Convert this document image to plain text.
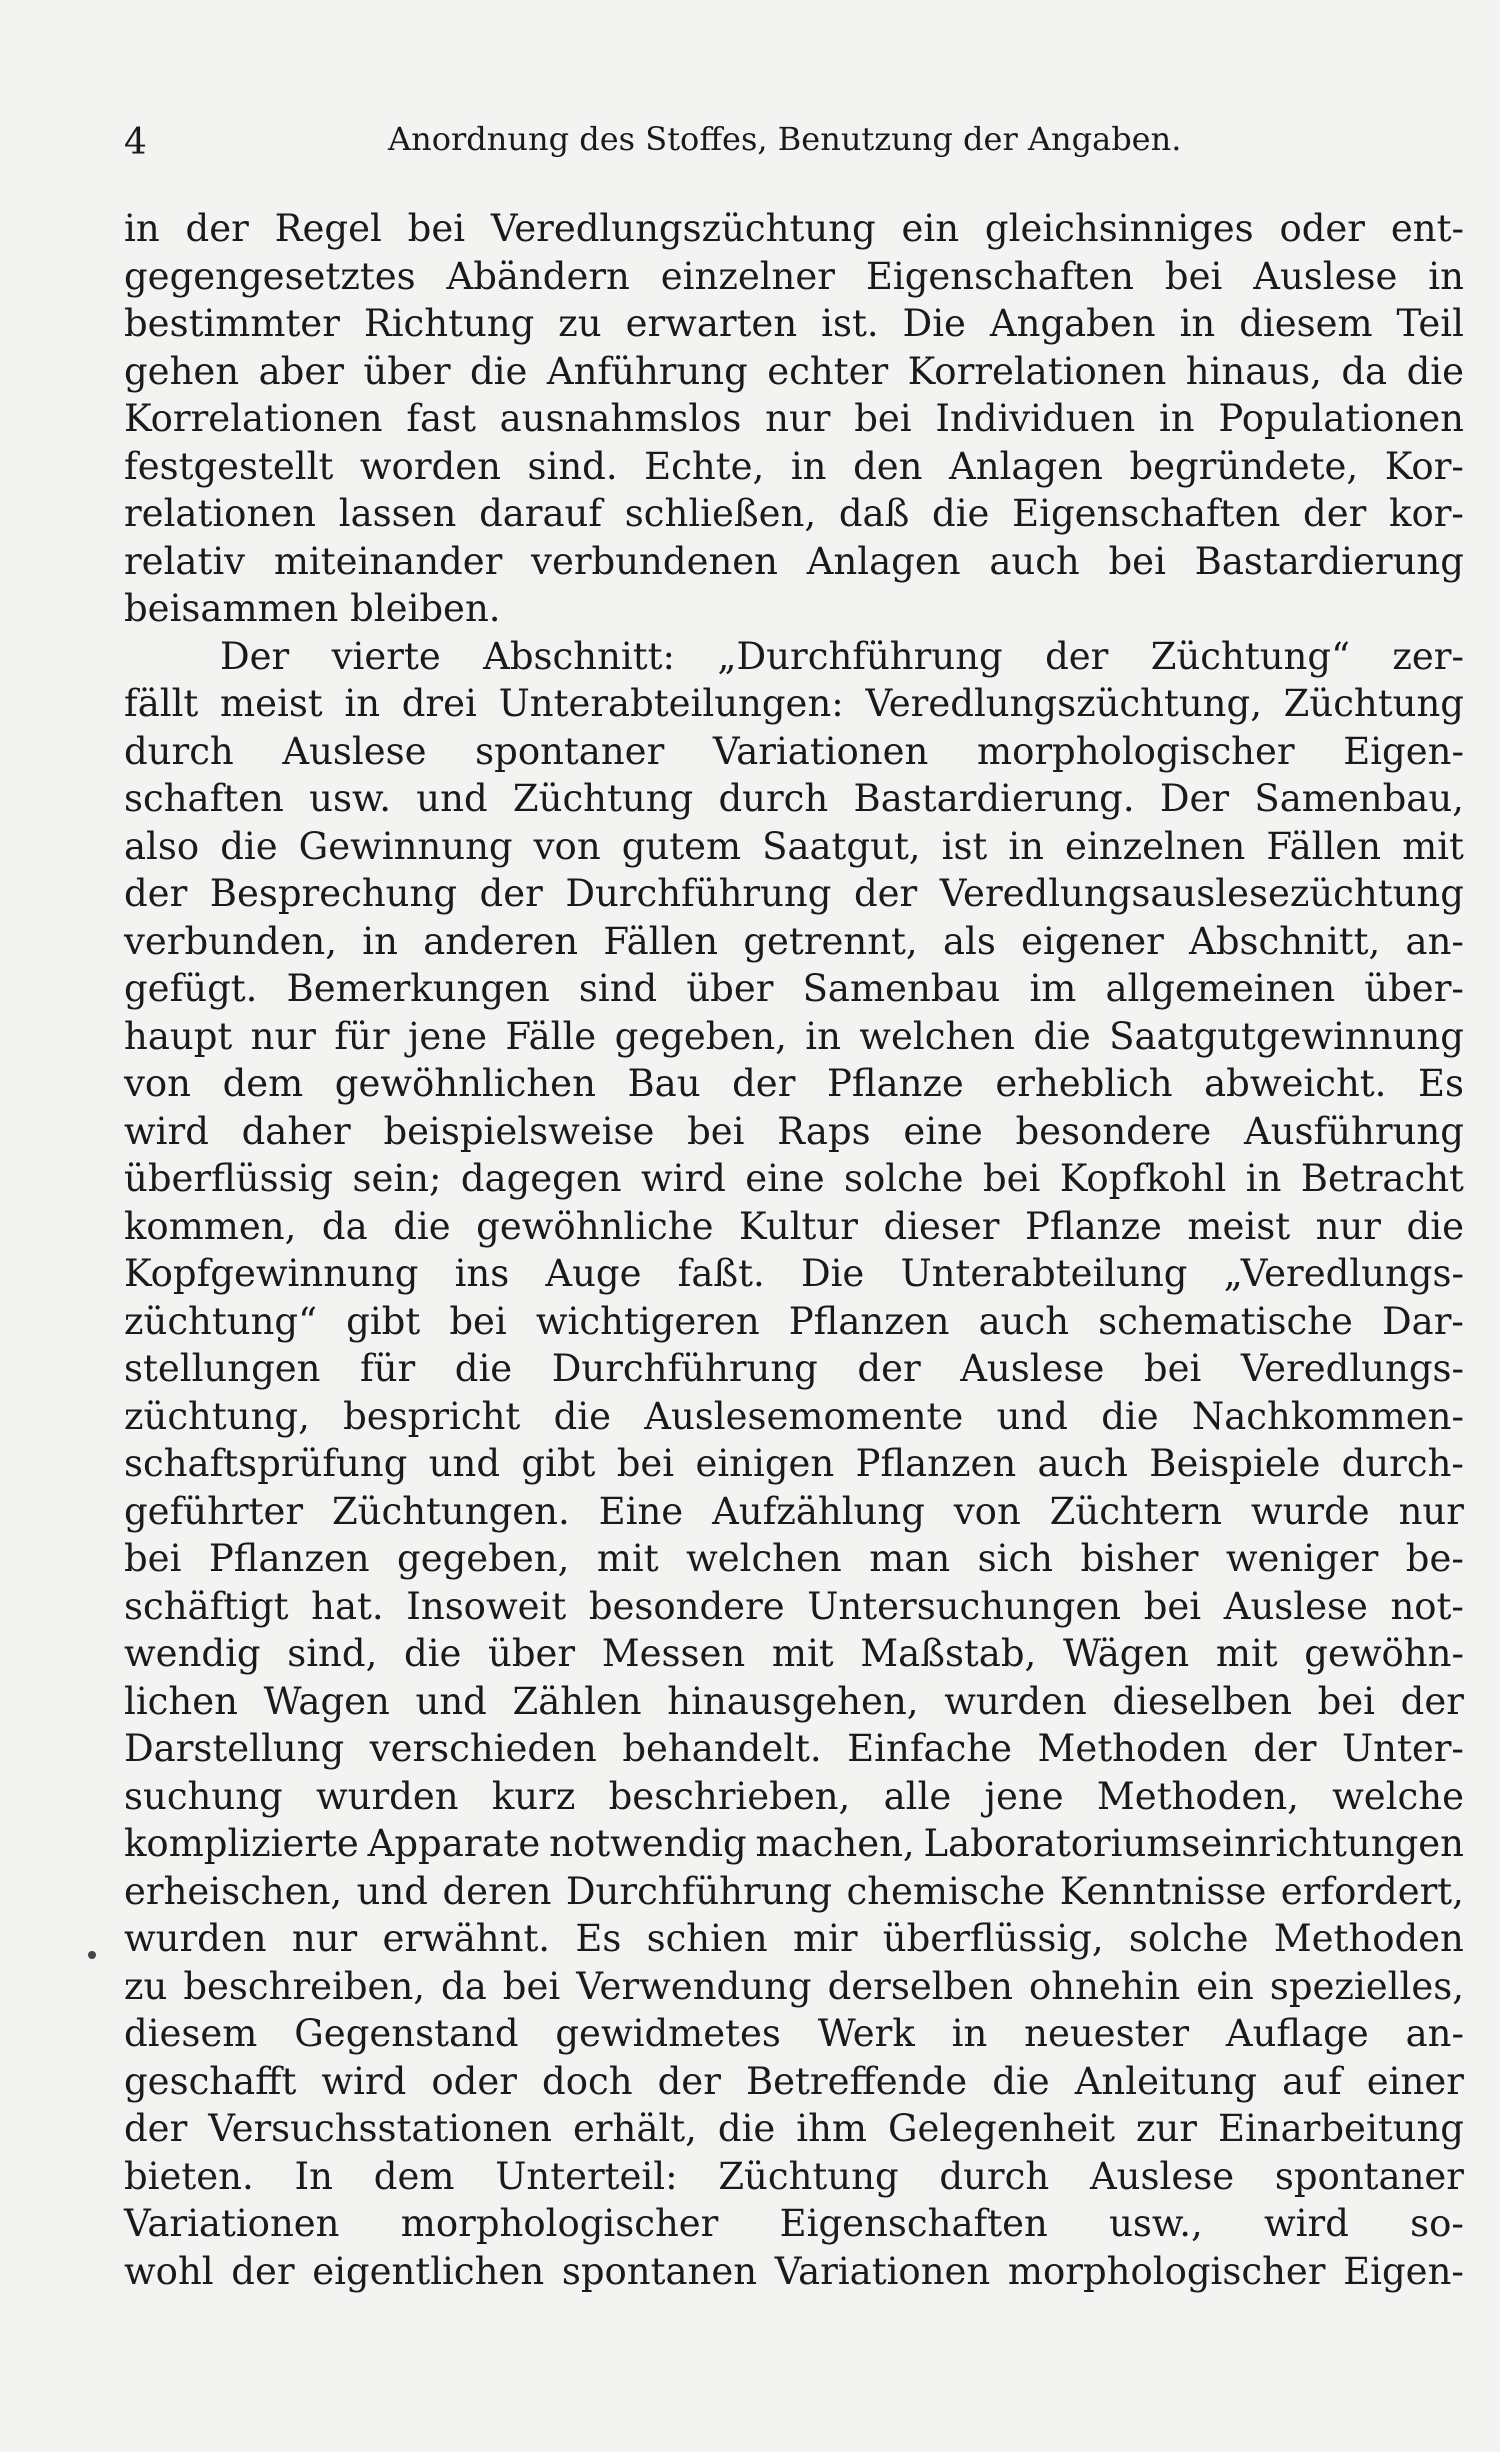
4	Anordnung des Stoffes, Benutzung der Angaben.
in der Regel bei Veredlungszüchtung ein gleichsinniges oder ent-
gegengesetztes Abändern einzelner Eigenschaften bei Auslese in
bestimmter Richtung zu erwarten ist. Die Angaben in diesem Teil
gehen aber über die Anführung echter Korrelationen hinaus, da die
Korrelationen fast ausnahmslos nur bei Individuen in Populationen
festgestellt worden sind. Echte, in den Anlagen begründete, Kor-
relationen lassen darauf schließen, daß die Eigenschaften der kor-
relativ miteinander verbundenen Anlagen auch bei Bastardierung
beisammen bleiben.
Der vierte Abschnitt: „Durchführung der Züchtung“ zer-
fällt meist in drei Unterabteilungen: Veredlungszüchtung, Züchtung
durch Auslese spontaner Variationen morphologischer Eigen-
schaften usw. und Züchtung durch Bastardierung. Der Samenbau,
also die Gewinnung von gutem Saatgut, ist in einzelnen Fällen mit
der Besprechung der Durchführung der Veredlungsauslesezüchtung
verbunden, in anderen Fällen getrennt, als eigener Abschnitt, an-
gefügt. Bemerkungen sind über Samenbau im allgemeinen über-
haupt nur für jene Fälle gegeben, in welchen die Saatgutgewinnung
von dem gewöhnlichen Bau der Pflanze erheblich abweicht. Es
wird daher beispielsweise bei Raps eine besondere Ausführung
überflüssig sein; dagegen wird eine solche bei Kopfkohl in Betracht
kommen, da die gewöhnliche Kultur dieser Pflanze meist nur die
Kopfgewinnung ins Auge faßt. Die Unterabteilung „Veredlungs-
züchtung“ gibt bei wichtigeren Pflanzen auch schematische Dar-
stellungen für die Durchführung der Auslese bei Veredlungs-
züchtung, bespricht die Auslesemomente und die Nachkommen-
schaftsprüfung und gibt bei einigen Pflanzen auch Beispiele durch-
geführter Züchtungen. Eine Aufzählung von Züchtern wurde nur
bei Pflanzen gegeben, mit welchen man sich bisher weniger be-
schäftigt hat. Insoweit besondere Untersuchungen bei Auslese not-
wendig sind, die über Messen mit Maßstab, Wägen mit gewöhn-
lichen Wagen und Zählen hinausgehen, wurden dieselben bei der
Darstellung verschieden behandelt. Einfache Methoden der Unter-
suchung wurden kurz beschrieben, alle jene Methoden, welche
komplizierte Apparate notwendig machen, Laboratoriumseinrichtungen
erheischen, und deren Durchführung chemische Kenntnisse erfordert,
wurden nur erwähnt. Es schien mir überflüssig, solche Methoden
zu beschreiben, da bei Verwendung derselben ohnehin ein spezielles,
diesem Gegenstand gewidmetes Werk in neuester Auflage an-
geschafft wird oder doch der Betreffende die Anleitung auf einer
der Versuchsstationen erhält, die ihm Gelegenheit zur Einarbeitung
bieten. In dem Unterteil: Züchtung durch Auslese spontaner
Variationen morphologischer Eigenschaften usw., wird so-
wohl der eigentlichen spontanen Variationen morphologischer Eigen-
